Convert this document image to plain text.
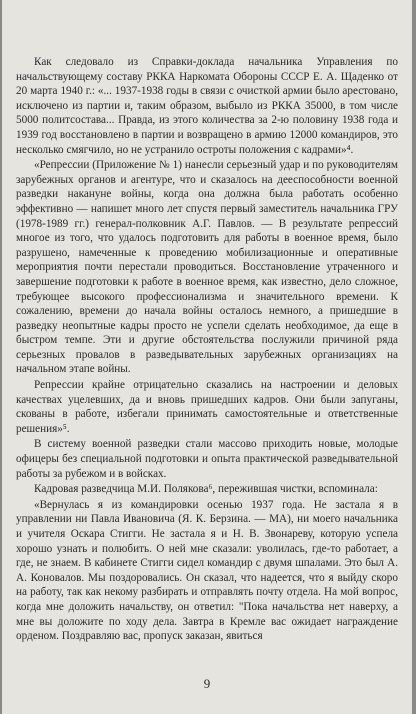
Как следовало из Справки-доклада начальника Управления по начальствующему составу РККА Наркомата Обороны СССР Е. А. Щаденко от 20 марта 1940 г.: «... 1937-1938 годы в связи с очисткой армии было арестовано, исключено из партии и, таким образом, выбыло из РККА 35000, в том числе 5000 политсостава... Правда, из этого количества за 2-ю половину 1938 года и 1939 год восстановлено в партии и возвращено в армию 12000 командиров, это несколько смягчило, но не устранило остроты положения с кадрами»⁴.

«Репрессии (Приложение № 1) нанесли серьезный удар и по руководителям зарубежных органов и агентуре, что и сказалось на дееспособности военной разведки накануне войны, когда она должна была работать особенно эффективно — напишет много лет спустя первый заместитель начальника ГРУ (1978-1989 гг.) генерал-полковник А.Г. Павлов. — В результате репрессий многое из того, что удалось подготовить для работы в военное время, было разрушено, намеченные к проведению мобилизационные и оперативные мероприятия почти перестали проводиться. Восстановление утраченного и завершение подготовки к работе в военное время, как известно, дело сложное, требующее высокого профессионализма и значительного времени. К сожалению, времени до начала войны осталось немного, а пришедшие в разведку неопытные кадры просто не успели сделать необходимое, да еще в быстром темпе. Эти и другие обстоятельства послужили причиной ряда серьезных провалов в разведывательных зарубежных организациях на начальном этапе войны.

Репрессии крайне отрицательно сказались на настроении и деловых качествах уцелевших, да и вновь пришедших кадров. Они были запуганы, скованы в работе, избегали принимать самостоятельные и ответственные решения»⁵.

В систему военной разведки стали массово приходить новые, молодые офицеры без специальной подготовки и опыта практической разведывательной работы за рубежом и в войсках.

Кадровая разведчица М.И. Полякова⁶, пережившая чистки, вспоминала:

«Вернулась я из командировки осенью 1937 года. Не застала я в управлении ни Павла Ивановича (Я. К. Берзина. — МА), ни моего начальника и учителя Оскара Стигги. Не застала я и Н. В. Звонареву, которую успела хорошо узнать и полюбить. О ней мне сказали: уволилась, где-то работает, а где, не знаем. В кабинете Стигги сидел командир с двумя шпалами. Это был А. А. Коновалов. Мы поздоровались. Он сказал, что надеется, что я выйду скоро на работу, так как некому разбирать и отправлять почту отдела. На мой вопрос, когда мне доложить начальству, он ответил: "Пока начальства нет наверху, а мне вы доложите по ходу дела. Завтра в Кремле вас ожидает награждение орденом. Поздравляю вас, пропуск заказан, явиться

9
